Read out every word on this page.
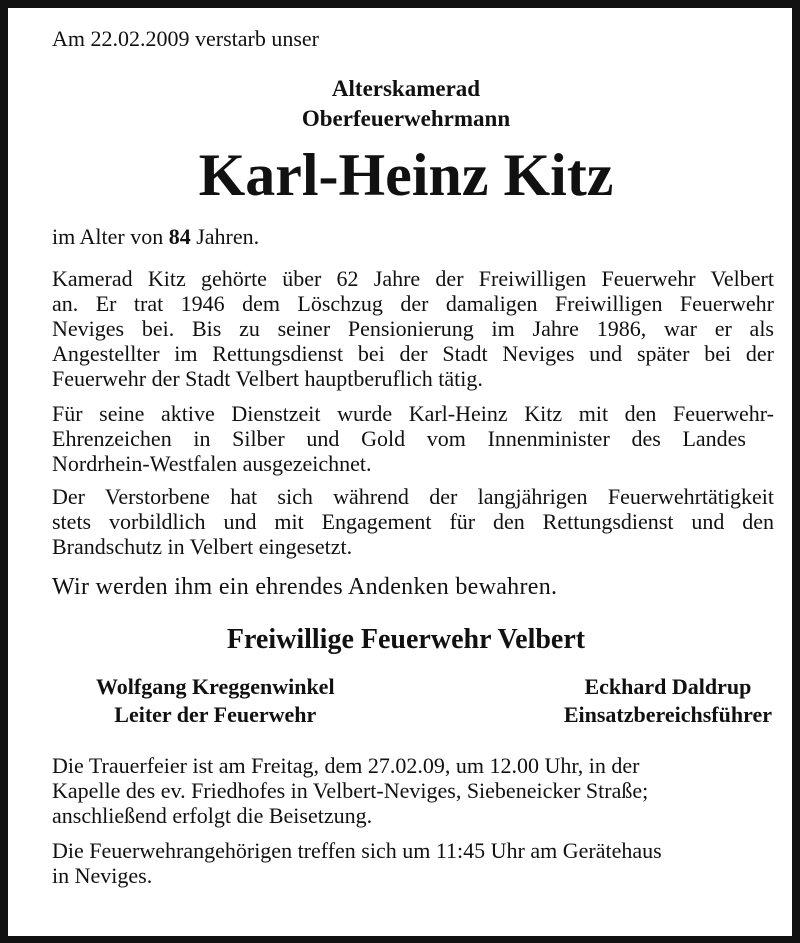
Am 22.02.2009 verstarb unser
Alterskamerad
Oberfeuerwehrmann
Karl-Heinz Kitz
im Alter von 84 Jahren.
Kamerad Kitz gehörte über 62 Jahre der Freiwilligen Feuerwehr Velbert
an. Er trat 1946 dem Löschzug der damaligen Freiwilligen Feuerwehr
Neviges bei. Bis zu seiner Pensionierung im Jahre 1986, war er als
Angestellter im Rettungsdienst bei der Stadt Neviges und später bei der
Feuerwehr der Stadt Velbert hauptberuflich tätig.
Für seine aktive Dienstzeit wurde Karl-Heinz Kitz mit den Feuerwehr-
Ehrenzeichen in Silber und Gold vom Innenminister des Landes
Nordrhein-Westfalen ausgezeichnet.
Der Verstorbene hat sich während der langjährigen Feuerwehrtätigkeit
stets vorbildlich und mit Engagement für den Rettungsdienst und den
Brandschutz in Velbert eingesetzt.
Wir werden ihm ein ehrendes Andenken bewahren.
Freiwillige Feuerwehr Velbert
Wolfgang Kreggenwinkel
Leiter der Feuerwehr
Eckhard Daldrup
Einsatzbereichsführer
Die Trauerfeier ist am Freitag, dem 27.02.09, um 12.00 Uhr, in der
Kapelle des ev. Friedhofes in Velbert-Neviges, Siebeneicker Straße;
anschließend erfolgt die Beisetzung.
Die Feuerwehrangehörigen treffen sich um 11:45 Uhr am Gerätehaus
in Neviges.
